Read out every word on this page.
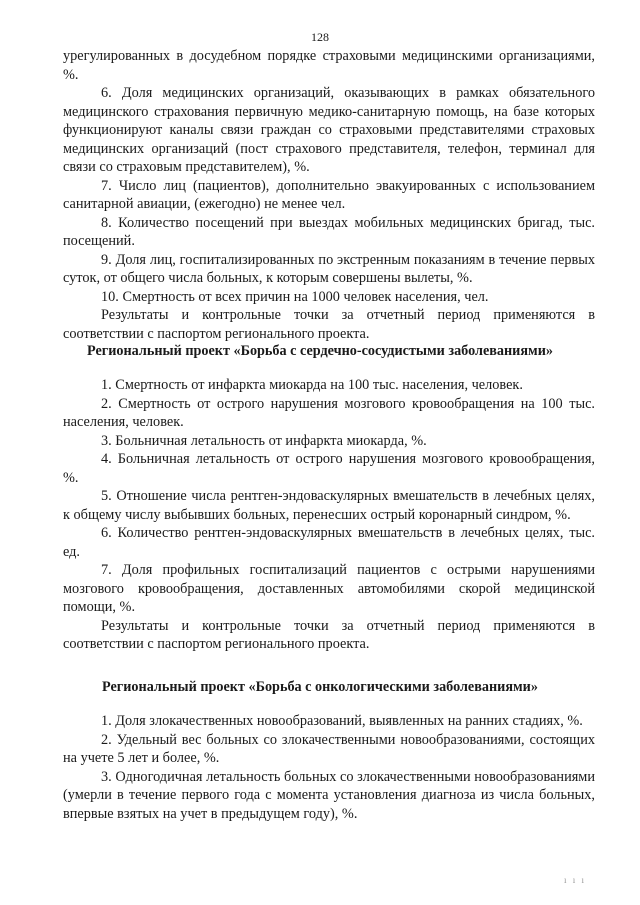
128

урегулированных в досудебном порядке страховыми медицинскими организациями, %.

6. Доля медицинских организаций, оказывающих в рамках обязательного медицинского страхования первичную медико-санитарную помощь, на базе которых функционируют каналы связи граждан со страховыми представителями страховых медицинских организаций (пост страхового представителя, телефон, терминал для связи со страховым представителем), %.

7. Число лиц (пациентов), дополнительно эвакуированных с использованием санитарной авиации, (ежегодно) не менее чел.

8. Количество посещений при выездах мобильных медицинских бригад, тыс. посещений.

9. Доля лиц, госпитализированных по экстренным показаниям в течение первых суток, от общего числа больных, к которым совершены вылеты, %.

10. Смертность от всех причин на 1000 человек населения, чел.

Результаты и контрольные точки за отчетный период применяются в соответствии с паспортом регионального проекта.

Региональный проект «Борьба с сердечно-сосудистыми заболеваниями»

1. Смертность от инфаркта миокарда на 100 тыс. населения, человек.

2. Смертность от острого нарушения мозгового кровообращения на 100 тыс. населения, человек.

3. Больничная летальность от инфаркта миокарда, %.

4. Больничная летальность от острого нарушения мозгового кровообращения, %.

5. Отношение числа рентген-эндоваскулярных вмешательств в лечебных целях, к общему числу выбывших больных, перенесших острый коронарный синдром, %.

6. Количество рентген-эндоваскулярных вмешательств в лечебных целях, тыс. ед.

7. Доля профильных госпитализаций пациентов с острыми нарушениями мозгового кровообращения, доставленных автомобилями скорой медицинской помощи, %.

Результаты и контрольные точки за отчетный период применяются в соответствии с паспортом регионального проекта.

Региональный проект «Борьба с онкологическими заболеваниями»

1. Доля злокачественных новообразований, выявленных на ранних стадиях, %.

2. Удельный вес больных со злокачественными новообразованиями, состоящих на учете 5 лет и более, %.

3. Одногодичная летальность больных со злокачественными новообразованиями (умерли в течение первого года с момента установления диагноза из числа больных, впервые взятых на учет в предыдущем году), %.

ı ı ı
